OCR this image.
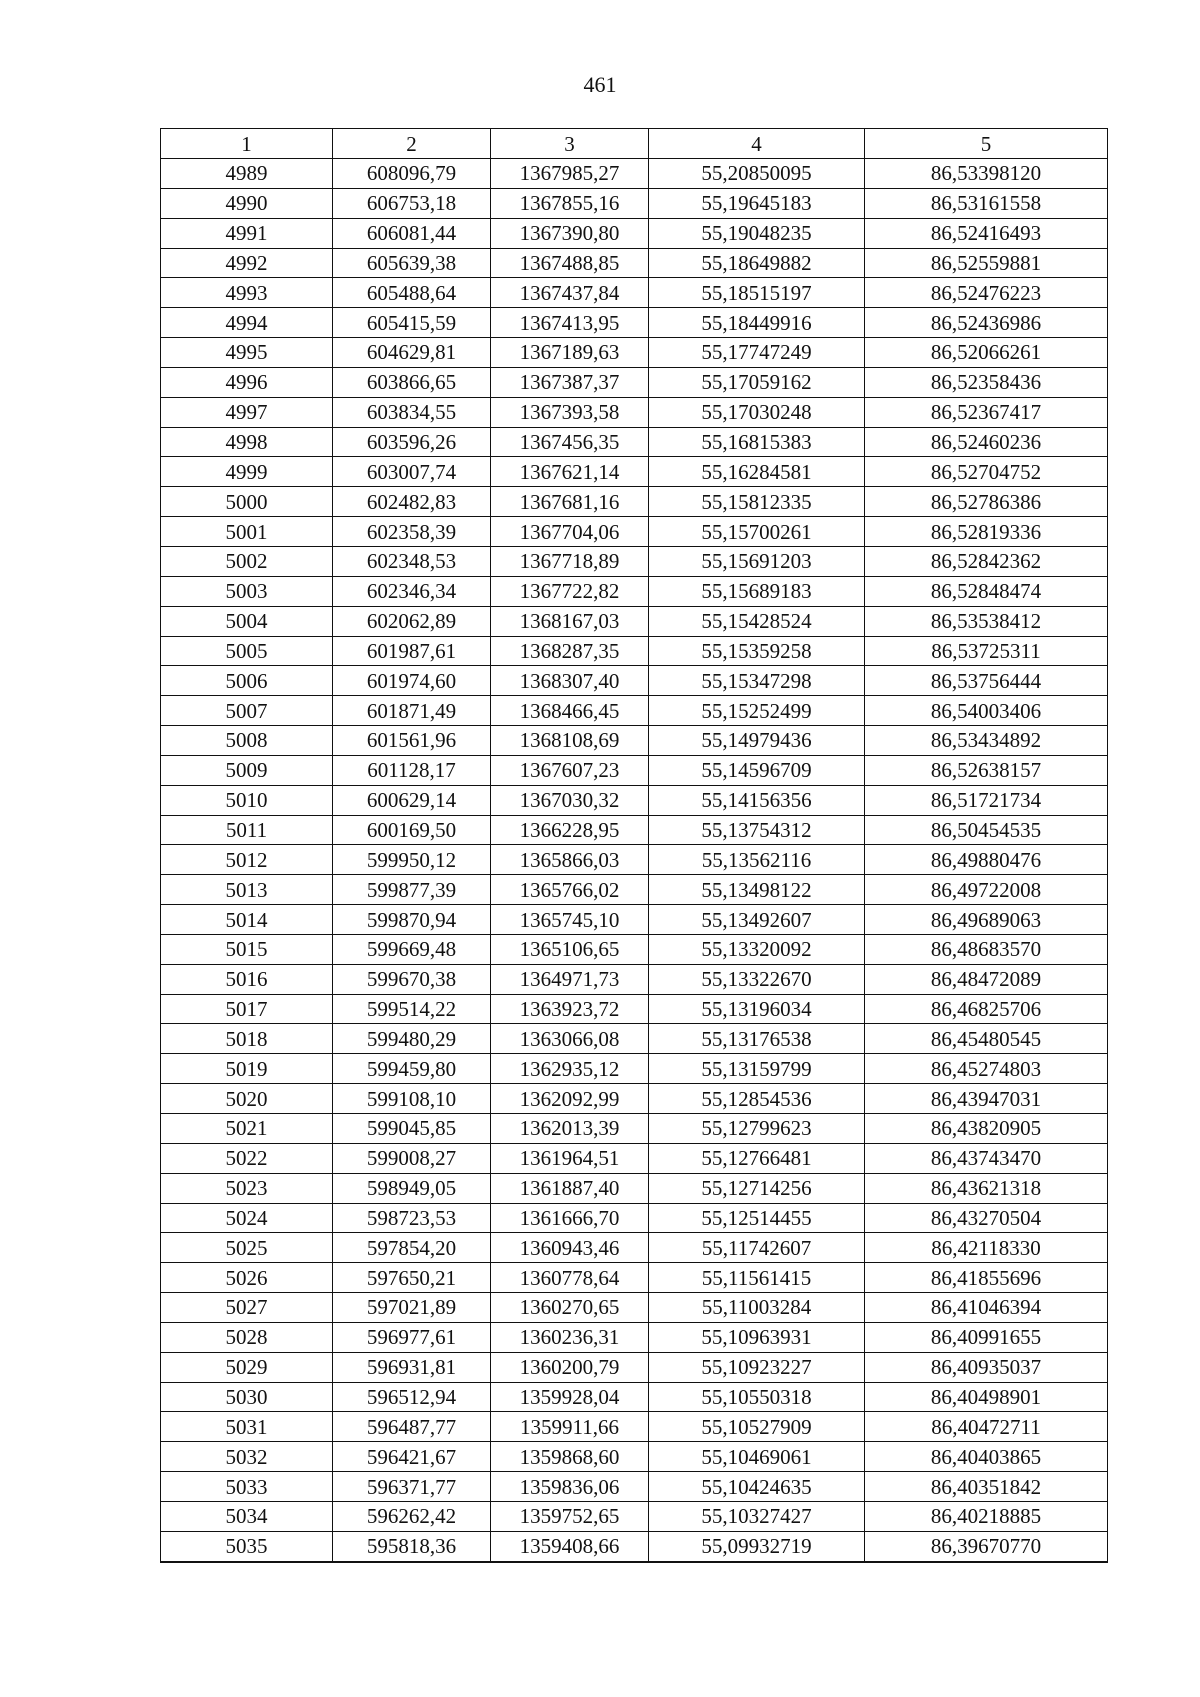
461
1	2	3	4	5
4989	608096,79	1367985,27	55,20850095	86,53398120
4990	606753,18	1367855,16	55,19645183	86,53161558
4991	606081,44	1367390,80	55,19048235	86,52416493
4992	605639,38	1367488,85	55,18649882	86,52559881
4993	605488,64	1367437,84	55,18515197	86,52476223
4994	605415,59	1367413,95	55,18449916	86,52436986
4995	604629,81	1367189,63	55,17747249	86,52066261
4996	603866,65	1367387,37	55,17059162	86,52358436
4997	603834,55	1367393,58	55,17030248	86,52367417
4998	603596,26	1367456,35	55,16815383	86,52460236
4999	603007,74	1367621,14	55,16284581	86,52704752
5000	602482,83	1367681,16	55,15812335	86,52786386
5001	602358,39	1367704,06	55,15700261	86,52819336
5002	602348,53	1367718,89	55,15691203	86,52842362
5003	602346,34	1367722,82	55,15689183	86,52848474
5004	602062,89	1368167,03	55,15428524	86,53538412
5005	601987,61	1368287,35	55,15359258	86,53725311
5006	601974,60	1368307,40	55,15347298	86,53756444
5007	601871,49	1368466,45	55,15252499	86,54003406
5008	601561,96	1368108,69	55,14979436	86,53434892
5009	601128,17	1367607,23	55,14596709	86,52638157
5010	600629,14	1367030,32	55,14156356	86,51721734
5011	600169,50	1366228,95	55,13754312	86,50454535
5012	599950,12	1365866,03	55,13562116	86,49880476
5013	599877,39	1365766,02	55,13498122	86,49722008
5014	599870,94	1365745,10	55,13492607	86,49689063
5015	599669,48	1365106,65	55,13320092	86,48683570
5016	599670,38	1364971,73	55,13322670	86,48472089
5017	599514,22	1363923,72	55,13196034	86,46825706
5018	599480,29	1363066,08	55,13176538	86,45480545
5019	599459,80	1362935,12	55,13159799	86,45274803
5020	599108,10	1362092,99	55,12854536	86,43947031
5021	599045,85	1362013,39	55,12799623	86,43820905
5022	599008,27	1361964,51	55,12766481	86,43743470
5023	598949,05	1361887,40	55,12714256	86,43621318
5024	598723,53	1361666,70	55,12514455	86,43270504
5025	597854,20	1360943,46	55,11742607	86,42118330
5026	597650,21	1360778,64	55,11561415	86,41855696
5027	597021,89	1360270,65	55,11003284	86,41046394
5028	596977,61	1360236,31	55,10963931	86,40991655
5029	596931,81	1360200,79	55,10923227	86,40935037
5030	596512,94	1359928,04	55,10550318	86,40498901
5031	596487,77	1359911,66	55,10527909	86,40472711
5032	596421,67	1359868,60	55,10469061	86,40403865
5033	596371,77	1359836,06	55,10424635	86,40351842
5034	596262,42	1359752,65	55,10327427	86,40218885
5035	595818,36	1359408,66	55,09932719	86,39670770
